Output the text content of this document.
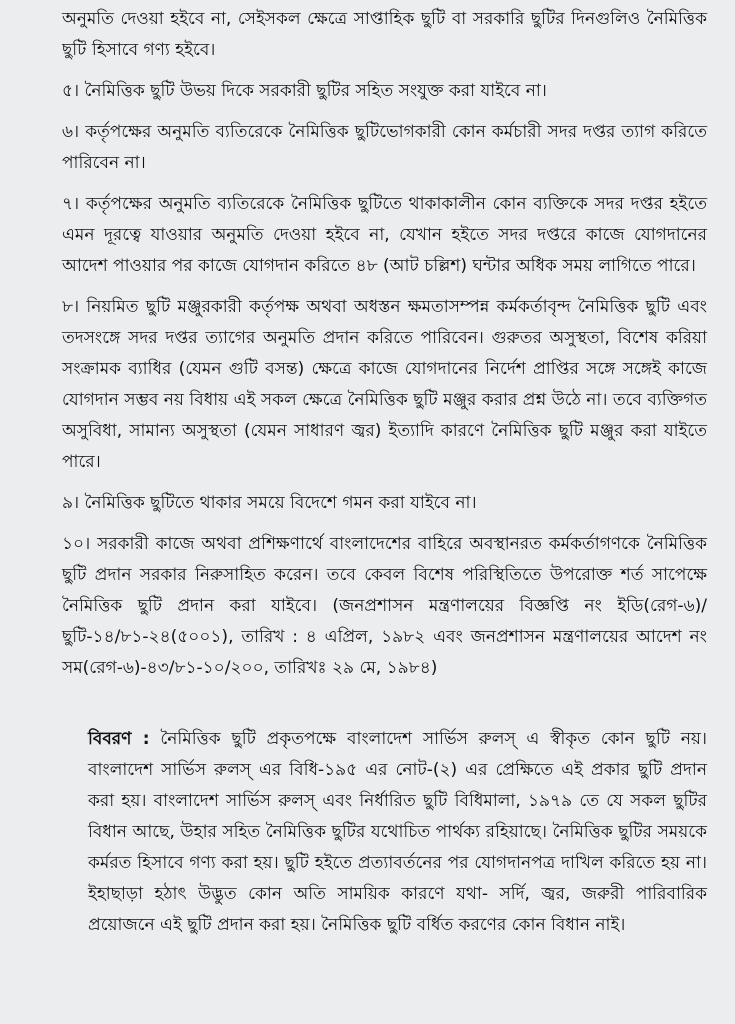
অনুমতি দেওয়া হইবে না, সেইসকল ক্ষেত্রে সাপ্তাহিক ছুটি বা সরকারি ছুটির দিনগুলিও নৈমিত্তিক ছুটি হিসাবে গণ্য হইবে।

৫। নৈমিত্তিক ছুটি উভয় দিকে সরকারী ছুটির সহিত সংযুক্ত করা যাইবে না।

৬। কর্তৃপক্ষের অনুমতি ব্যতিরেকে নৈমিত্তিক ছুটিভোগকারী কোন কর্মচারী সদর দপ্তর ত্যাগ করিতে পারিবেন না।

৭। কর্তৃপক্ষের অনুমতি ব্যতিরেকে নৈমিত্তিক ছুটিতে থাকাকালীন কোন ব্যক্তিকে সদর দপ্তর হইতে এমন দূরত্বে যাওয়ার অনুমতি দেওয়া হইবে না, যেখান হইতে সদর দপ্তরে কাজে যোগদানের আদেশ পাওয়ার পর কাজে যোগদান করিতে ৪৮ (আট চল্লিশ) ঘন্টার অধিক সময় লাগিতে পারে।

৮। নিয়মিত ছুটি মঞ্জুরকারী কর্তৃপক্ষ অথবা অধস্তন ক্ষমতাসম্পন্ন কর্মকর্তাবৃন্দ নৈমিত্তিক ছুটি এবং তদসংঙ্গে সদর দপ্তর ত্যাগের অনুমতি প্রদান করিতে পারিবেন। গুরুতর অসুস্থতা, বিশেষ করিয়া সংক্রামক ব্যাধির (যেমন গুটি বসন্ত) ক্ষেত্রে কাজে যোগদানের নির্দেশ প্রাপ্তির সঙ্গে সঙ্গেই কাজে যোগদান সম্ভব নয় বিধায় এই সকল ক্ষেত্রে নৈমিত্তিক ছুটি মঞ্জুর করার প্রশ্ন উঠে না। তবে ব্যক্তিগত অসুবিধা, সামান্য অসুস্থতা (যেমন সাধারণ জ্বর) ইত্যাদি কারণে নৈমিত্তিক ছুটি মঞ্জুর করা যাইতে পারে।

৯। নৈমিত্তিক ছুটিতে থাকার সময়ে বিদেশে গমন করা যাইবে না।

১০। সরকারী কাজে অথবা প্রশিক্ষণার্থে বাংলাদেশের বাহিরে অবস্থানরত কর্মকর্তাগণকে নৈমিত্তিক ছুটি প্রদান সরকার নিরুসাহিত করেন। তবে কেবল বিশেষ পরিস্থিতিতে উপরোক্ত শর্ত সাপেক্ষে নৈমিত্তিক ছুটি প্রদান করা যাইবে। (জনপ্রশাসন মন্ত্রণালয়ের বিজ্ঞপ্তি নং ইডি(রেগ-৬)/ছুটি-১৪/৮১-২৪(৫০০১), তারিখ : ৪ এপ্রিল, ১৯৮২ এবং জনপ্রশাসন মন্ত্রণালয়ের আদেশ নং সম(রেগ-৬)-৪৩/৮১-১০/২০০, তারিখঃ ২৯ মে, ১৯৮৪)

বিবরণ : নৈমিত্তিক ছুটি প্রকৃতপক্ষে বাংলাদেশ সার্ভিস রুলস্ এ স্বীকৃত কোন ছুটি নয়। বাংলাদেশ সার্ভিস রুলস্ এর বিধি-১৯৫ এর নোট-(২) এর প্রেক্ষিতে এই প্রকার ছুটি প্রদান করা হয়। বাংলাদেশ সার্ভিস রুলস্ এবং নির্ধারিত ছুটি বিধিমালা, ১৯৭৯ তে যে সকল ছুটির বিধান আছে, উহার সহিত নৈমিত্তিক ছুটির যথোচিত পার্থক্য রহিয়াছে। নৈমিত্তিক ছুটির সময়কে কর্মরত হিসাবে গণ্য করা হয়। ছুটি হইতে প্রত্যাবর্তনের পর যোগদানপত্র দাখিল করিতে হয় না। ইহাছাড়া হঠাৎ উদ্ভুত কোন অতি সাময়িক কারণে যথা- সর্দি, জ্বর, জরুরী পারিবারিক প্রয়োজনে এই ছুটি প্রদান করা হয়। নৈমিত্তিক ছুটি বর্ধিত করণের কোন বিধান নাই।
